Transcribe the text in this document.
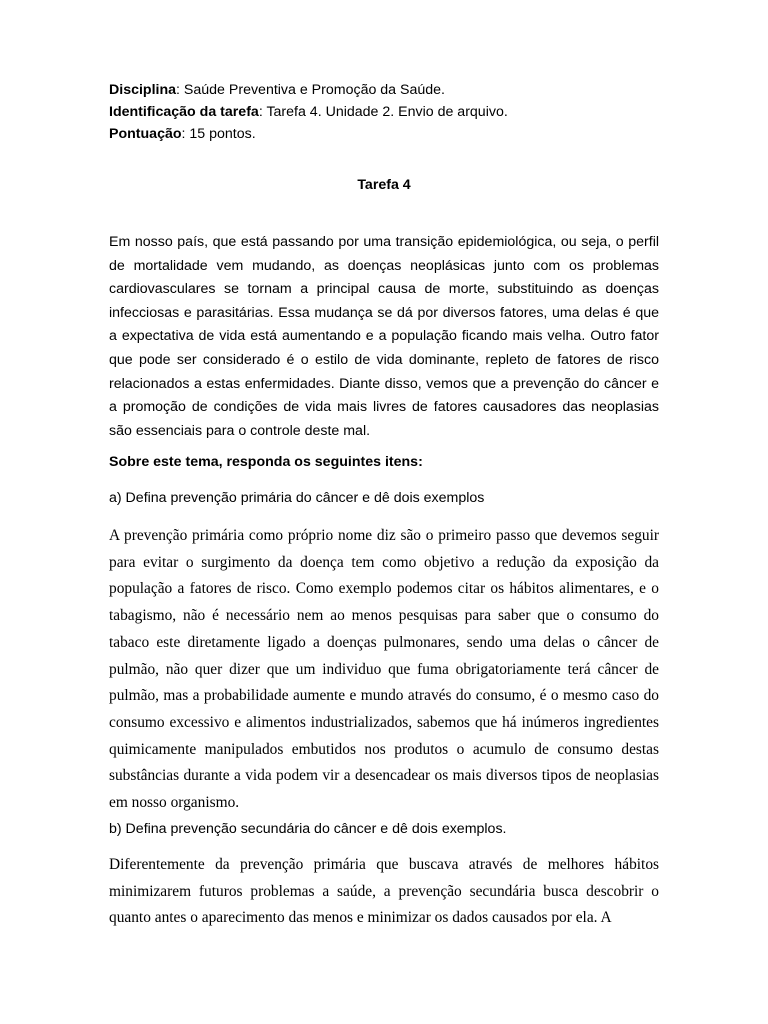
Disciplina: Saúde Preventiva e Promoção da Saúde.

Identificação da tarefa: Tarefa 4. Unidade 2. Envio de arquivo.

Pontuação: 15 pontos.

Tarefa 4

Em nosso país, que está passando por uma transição epidemiológica, ou seja, o perfil de mortalidade vem mudando, as doenças neoplásicas junto com os problemas cardiovasculares se tornam a principal causa de morte, substituindo as doenças infecciosas e parasitárias. Essa mudança se dá por diversos fatores, uma delas é que a expectativa de vida está aumentando e a população ficando mais velha. Outro fator que pode ser considerado é o estilo de vida dominante, repleto de fatores de risco relacionados a estas enfermidades. Diante disso, vemos que a prevenção do câncer e a promoção de condições de vida mais livres de fatores causadores das neoplasias são essenciais para o controle deste mal.

Sobre este tema, responda os seguintes itens:

a) Defina prevenção primária do câncer e dê dois exemplos

A prevenção primária como próprio nome diz são o primeiro passo que devemos seguir para evitar o surgimento da doença tem como objetivo a redução da exposição da população a fatores de risco. Como exemplo podemos citar os hábitos alimentares, e o tabagismo, não é necessário nem ao menos pesquisas para saber que o consumo do tabaco este diretamente ligado a doenças pulmonares, sendo uma delas o câncer de pulmão, não quer dizer que um individuo que fuma obrigatoriamente terá câncer de pulmão, mas a probabilidade aumente e mundo através do consumo, é o mesmo caso do consumo excessivo e alimentos industrializados, sabemos que há inúmeros ingredientes quimicamente manipulados embutidos nos produtos o acumulo de consumo destas substâncias durante a vida podem vir a desencadear os mais diversos tipos de neoplasias em nosso organismo.

b) Defina prevenção secundária do câncer e dê dois exemplos.

Diferentemente da prevenção primária que buscava através de melhores hábitos minimizarem futuros problemas a saúde, a prevenção secundária busca descobrir o quanto antes o aparecimento das menos e minimizar os dados causados por ela. A
